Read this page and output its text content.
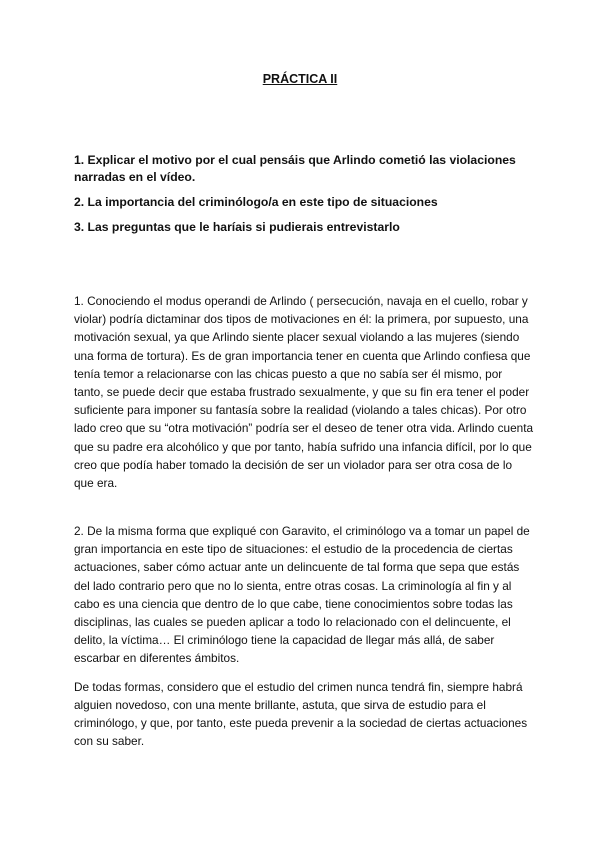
PRÁCTICA II

1. Explicar el motivo por el cual pensáis que Arlindo cometió las violaciones narradas en el vídeo.

2. La importancia del criminólogo/a en este tipo de situaciones

3. Las preguntas que le haríais si pudierais entrevistarlo

1. Conociendo el modus operandi de Arlindo ( persecución, navaja en el cuello, robar y violar) podría dictaminar dos tipos de motivaciones en él: la primera, por supuesto, una motivación sexual, ya que Arlindo siente placer sexual violando a las mujeres (siendo una forma de tortura). Es de gran importancia tener en cuenta que Arlindo confiesa que tenía temor a relacionarse con las chicas puesto a que no sabía ser él mismo, por tanto, se puede decir que estaba frustrado sexualmente, y que su fin era tener el poder suficiente para imponer su fantasía sobre la realidad (violando a tales chicas). Por otro lado creo que su “otra motivación” podría ser el deseo de tener otra vida. Arlindo cuenta que su padre era alcohólico y que por tanto, había sufrido una infancia difícil, por lo que creo que podía haber tomado la decisión de ser un violador para ser otra cosa de lo que era.

2. De la misma forma que expliqué con Garavito, el criminólogo va a tomar un papel de gran importancia en este tipo de situaciones: el estudio de la procedencia de ciertas actuaciones, saber cómo actuar ante un delincuente de tal forma que sepa que estás del lado contrario pero que no lo sienta, entre otras cosas. La criminología al fin y al cabo es una ciencia que dentro de lo que cabe, tiene conocimientos sobre todas las disciplinas, las cuales se pueden aplicar a todo lo relacionado con el delincuente, el delito, la víctima… El criminólogo tiene la capacidad de llegar más allá, de saber escarbar en diferentes ámbitos.

De todas formas, considero que el estudio del crimen nunca tendrá fin, siempre habrá alguien novedoso, con una mente brillante, astuta, que sirva de estudio para el criminólogo, y que, por tanto, este pueda prevenir a la sociedad de ciertas actuaciones con su saber.
